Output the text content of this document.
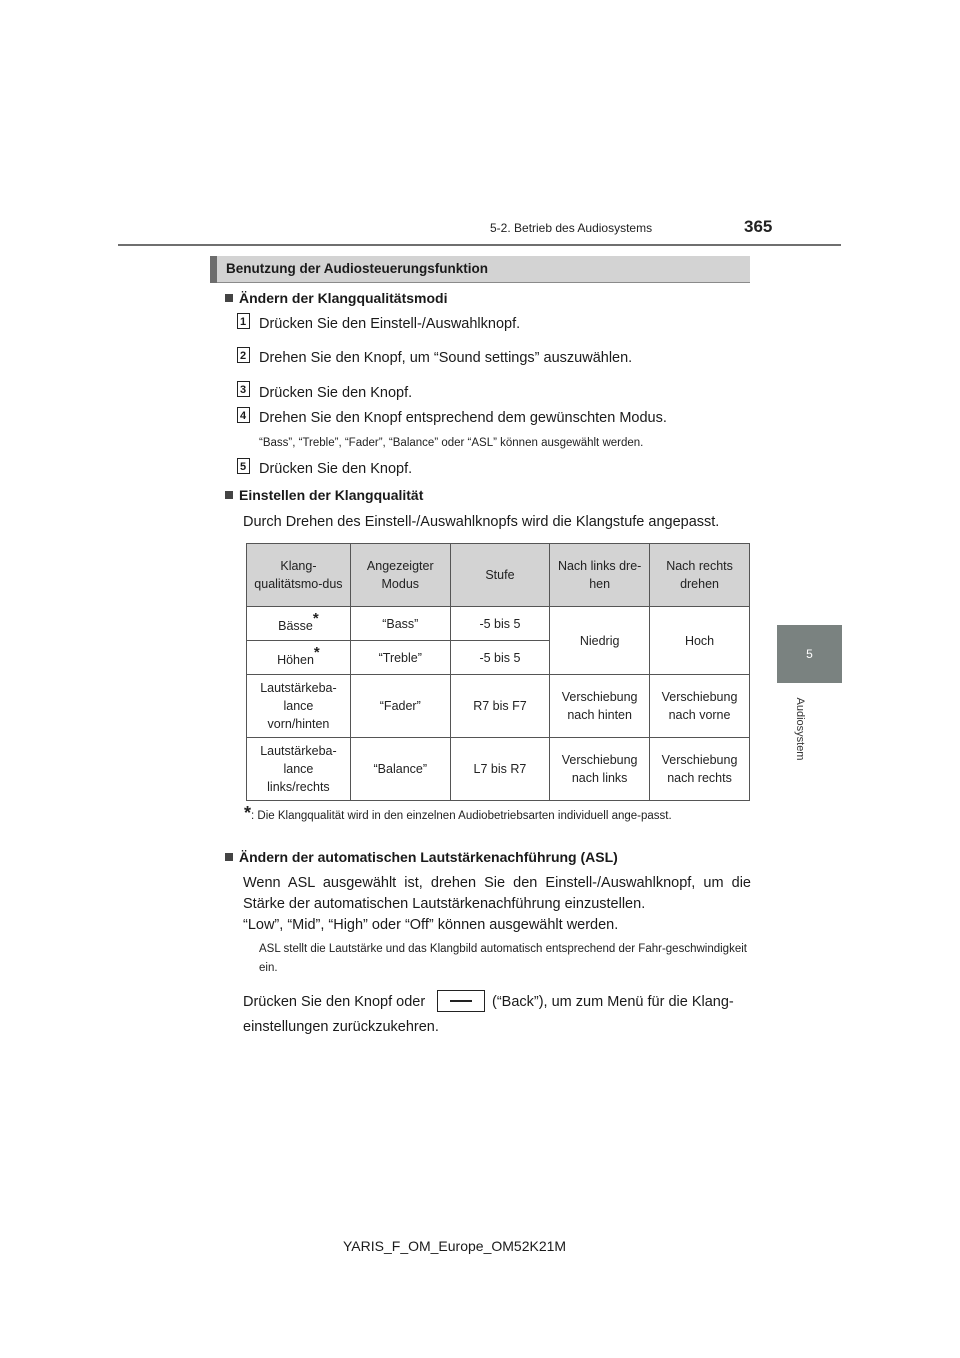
5-2. Betrieb des Audiosystems	365
5
Audiosystem
Benutzung der Audiosteuerungsfunktion
Ändern der Klangqualitätsmodi
1 Drücken Sie den Einstell-/Auswahlknopf.
2 Drehen Sie den Knopf, um “Sound settings” auszuwählen.
3 Drücken Sie den Knopf.
4 Drehen Sie den Knopf entsprechend dem gewünschten Modus.
“Bass”, “Treble”, “Fader”, “Balance” oder “ASL” können ausgewählt werden.
5 Drücken Sie den Knopf.
Einstellen der Klangqualität
Durch Drehen des Einstell-/Auswahlknopfs wird die Klangstufe angepasst.
Klang-qualitätsmo-dus	Angezeigter Modus	Stufe	Nach links dre-hen	Nach rechts drehen
Bässe*	“Bass”	-5 bis 5	Niedrig	Hoch
Höhen*	“Treble”	-5 bis 5		
Lautstärkeba-lance vorn/hinten	“Fader”	R7 bis F7	Verschiebung nach hinten	Verschiebung nach vorne
Lautstärkeba-lance links/rechts	“Balance”	L7 bis R7	Verschiebung nach links	Verschiebung nach rechts
*: Die Klangqualität wird in den einzelnen Audiobetriebsarten individuell ange-passt.
Ändern der automatischen Lautstärkenachführung (ASL)
Wenn ASL ausgewählt ist, drehen Sie den Einstell-/Auswahlknopf, um die Stärke der automatischen Lautstärkenachführung einzustellen.
“Low”, “Mid”, “High” oder “Off” können ausgewählt werden.
ASL stellt die Lautstärke und das Klangbild automatisch entsprechend der Fahr-geschwindigkeit ein.
Drücken Sie den Knopf oder	(“Back”), um zum Menü für die Klang-
einstellungen zurückzukehren.
YARIS_F_OM_Europe_OM52K21M
